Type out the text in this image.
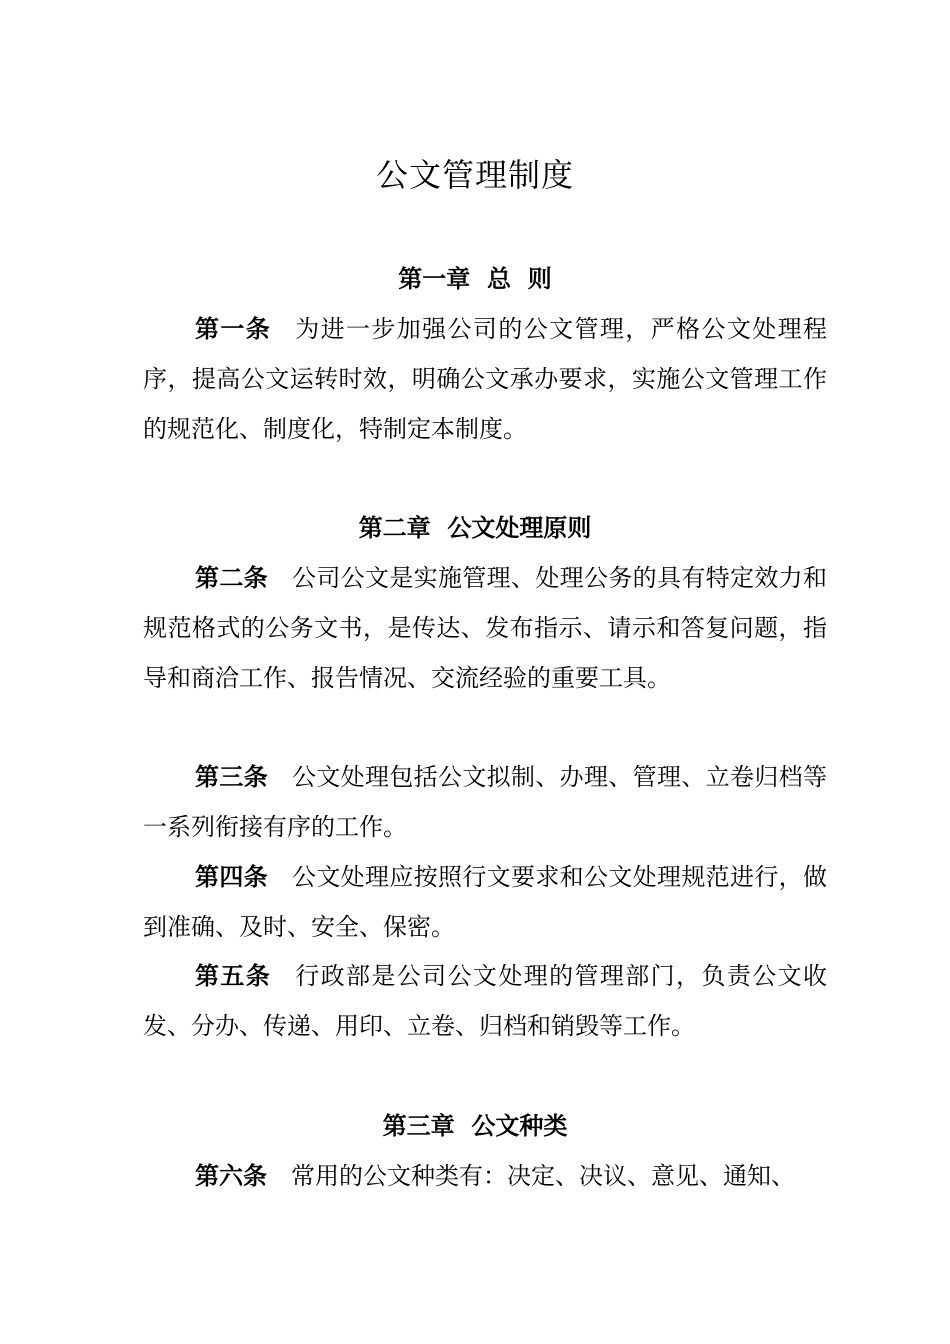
公文管理制度
第一章  总  则
第一条 为进一步加强公司的公文管理，严格公文处理程序，提高公文运转时效，明确公文承办要求，实施公文管理工作的规范化、制度化，特制定本制度。
第二章  公文处理原则
第二条 公司公文是实施管理、处理公务的具有特定效力和规范格式的公务文书，是传达、发布指示、请示和答复问题，指导和商洽工作、报告情况、交流经验的重要工具。
第三条 公文处理包括公文拟制、办理、管理、立卷归档等一系列衔接有序的工作。
第四条 公文处理应按照行文要求和公文处理规范进行，做到准确、及时、安全、保密。
第五条 行政部是公司公文处理的管理部门，负责公文收发、分办、传递、用印、立卷、归档和销毁等工作。
第三章  公文种类
第六条 常用的公文种类有：决定、决议、意见、通知、
